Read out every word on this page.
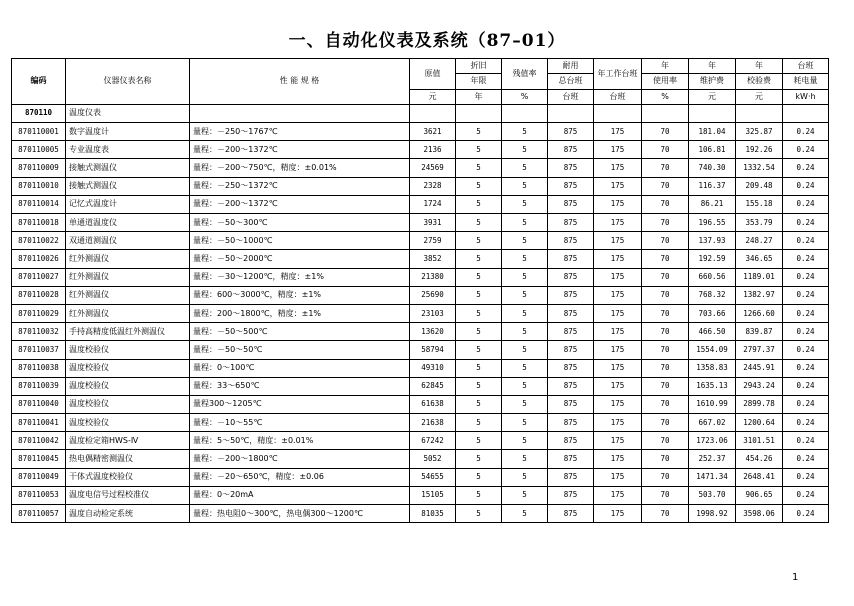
一、自动化仪表及系统（87–01）
编码	仪器仪表名称	性 能 规 格	原值	折旧	残值率	耐用	年工作台班	年	年	年	台班
				年限		总台班		使用率	维护费	校验费	耗电量
			元	年	%	台班	台班	%	元	元	kW·h
870110	温度仪表										
870110001	数字温度计	量程：－250～1767℃	3621	5	5	875	175	70	181.04	325.87	0.24
870110005	专业温度表	量程：－200～1372℃	2136	5	5	875	175	70	106.81	192.26	0.24
870110009	接触式测温仪	量程：－200～750℃，精度：±0.01%	24569	5	5	875	175	70	740.30	1332.54	0.24
870110010	接触式测温仪	量程：－250～1372℃	2328	5	5	875	175	70	116.37	209.48	0.24
870110014	记忆式温度计	量程：－200～1372℃	1724	5	5	875	175	70	86.21	155.18	0.24
870110018	单通道温度仪	量程：－50～300℃	3931	5	5	875	175	70	196.55	353.79	0.24
870110022	双通道测温仪	量程：－50～1000℃	2759	5	5	875	175	70	137.93	248.27	0.24
870110026	红外测温仪	量程：－50～2000℃	3852	5	5	875	175	70	192.59	346.65	0.24
870110027	红外测温仪	量程：－30～1200℃，精度：±1%	21380	5	5	875	175	70	660.56	1189.01	0.24
870110028	红外测温仪	量程：600～3000℃，精度：±1%	25690	5	5	875	175	70	768.32	1382.97	0.24
870110029	红外测温仪	量程：200～1800℃，精度：±1%	23103	5	5	875	175	70	703.66	1266.60	0.24
870110032	手持高精度低温红外测温仪	量程：－50～500℃	13620	5	5	875	175	70	466.50	839.87	0.24
870110037	温度校验仪	量程：－50～50℃	58794	5	5	875	175	70	1554.09	2797.37	0.24
870110038	温度校验仪	量程：0～100℃	49310	5	5	875	175	70	1358.83	2445.91	0.24
870110039	温度校验仪	量程：33～650℃	62845	5	5	875	175	70	1635.13	2943.24	0.24
870110040	温度校验仪	量程300～1205℃	61638	5	5	875	175	70	1610.99	2899.78	0.24
870110041	温度校验仪	量程：－10～55℃	21638	5	5	875	175	70	667.02	1200.64	0.24
870110042	温度检定箱HWS-Ⅳ	量程：5～50℃，精度：±0.01%	67242	5	5	875	175	70	1723.06	3101.51	0.24
870110045	热电偶精密测温仪	量程：－200～1800℃	5052	5	5	875	175	70	252.37	454.26	0.24
870110049	干体式温度校验仪	量程：－20～650℃，精度：±0.06	54655	5	5	875	175	70	1471.34	2648.41	0.24
870110053	温度电信号过程校准仪	量程：0～20mA	15105	5	5	875	175	70	503.70	906.65	0.24
870110057	温度自动检定系统	量程：热电阻0～300℃，热电偶300～1200℃	81035	5	5	875	175	70	1998.92	3598.06	0.24
1
